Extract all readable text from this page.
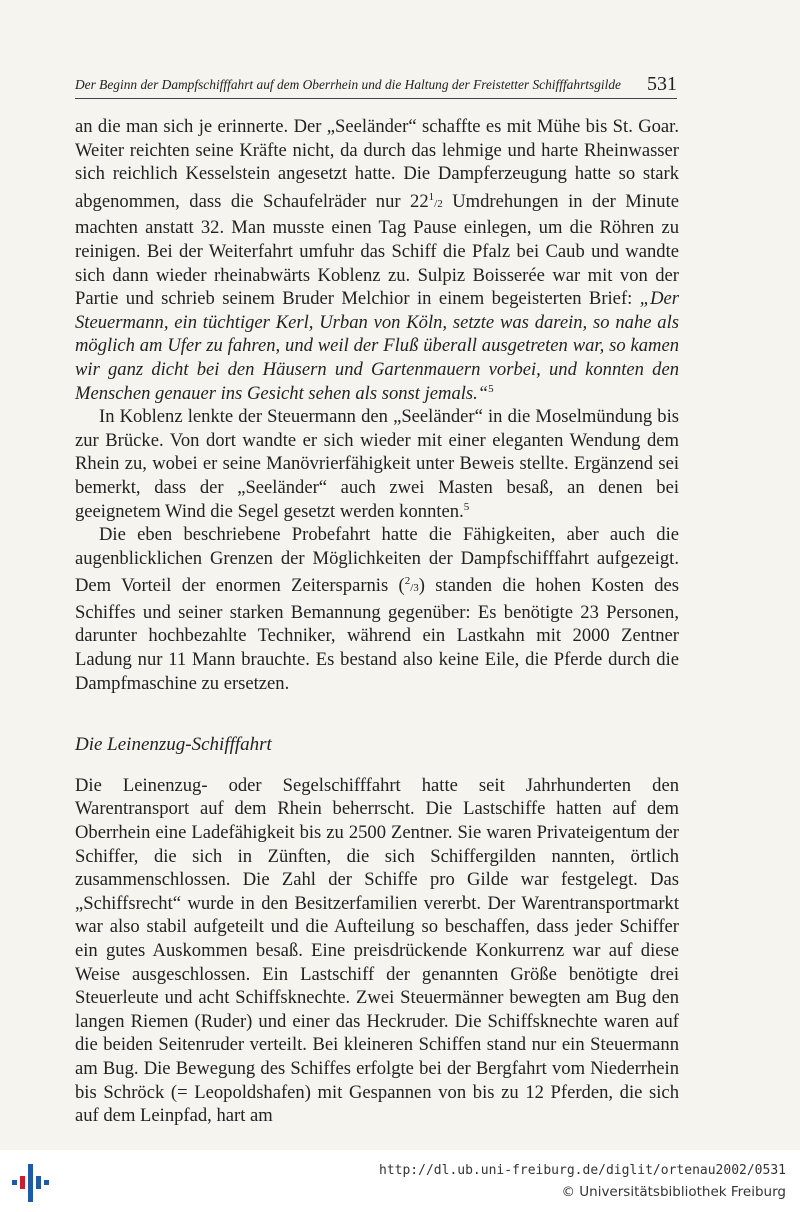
Der Beginn der Dampfschifffahrt auf dem Oberrhein und die Haltung der Freistetter Schifffahrtsgilde 531

an die man sich je erinnerte. Der „Seeländer“ schaffte es mit Mühe bis St. Goar. Weiter reichten seine Kräfte nicht, da durch das lehmige und harte Rheinwasser sich reichlich Kesselstein angesetzt hatte. Die Dampferzeugung hatte so stark abgenommen, dass die Schaufelräder nur 221/2 Umdrehungen in der Minute machten anstatt 32. Man musste einen Tag Pause einlegen, um die Röhren zu reinigen. Bei der Weiterfahrt umfuhr das Schiff die Pfalz bei Caub und wandte sich dann wieder rheinabwärts Koblenz zu. Sulpiz Boisserée war mit von der Partie und schrieb seinem Bruder Melchior in einem begeisterten Brief: „Der Steuermann, ein tüchtiger Kerl, Urban von Köln, setzte was darein, so nahe als möglich am Ufer zu fahren, und weil der Fluß überall ausgetreten war, so kamen wir ganz dicht bei den Häusern und Gartenmauern vorbei, und konnten den Menschen genauer ins Gesicht sehen als sonst jemals.“$^5$

In Koblenz lenkte der Steuermann den „Seeländer“ in die Moselmündung bis zur Brücke. Von dort wandte er sich wieder mit einer eleganten Wendung dem Rhein zu, wobei er seine Manövrierfähigkeit unter Beweis stellte. Ergänzend sei bemerkt, dass der „Seeländer“ auch zwei Masten besaß, an denen bei geeignetem Wind die Segel gesetzt werden konnten.$^5$

Die eben beschriebene Probefahrt hatte die Fähigkeiten, aber auch die augenblicklichen Grenzen der Möglichkeiten der Dampfschifffahrt aufgezeigt. Dem Vorteil der enormen Zeitersparnis (2/3) standen die hohen Kosten des Schiffes und seiner starken Bemannung gegenüber: Es benötigte 23 Personen, darunter hochbezahlte Techniker, während ein Lastkahn mit 2000 Zentner Ladung nur 11 Mann brauchte. Es bestand also keine Eile, die Pferde durch die Dampfmaschine zu ersetzen.

Die Leinenzug-Schifffahrt

Die Leinenzug- oder Segelschifffahrt hatte seit Jahrhunderten den Warentransport auf dem Rhein beherrscht. Die Lastschiffe hatten auf dem Oberrhein eine Ladefähigkeit bis zu 2500 Zentner. Sie waren Privateigentum der Schiffer, die sich in Zünften, die sich Schiffergilden nannten, örtlich zusammenschlossen. Die Zahl der Schiffe pro Gilde war festgelegt. Das „Schiffsrecht“ wurde in den Besitzerfamilien vererbt. Der Warentransportmarkt war also stabil aufgeteilt und die Aufteilung so beschaffen, dass jeder Schiffer ein gutes Auskommen besaß. Eine preisdrückende Konkurrenz war auf diese Weise ausgeschlossen. Ein Lastschiff der genannten Größe benötigte drei Steuerleute und acht Schiffsknechte. Zwei Steuermänner bewegten am Bug den langen Riemen (Ruder) und einer das Heckruder. Die Schiffsknechte waren auf die beiden Seitenruder verteilt. Bei kleineren Schiffen stand nur ein Steuermann am Bug. Die Bewegung des Schiffes erfolgte bei der Bergfahrt vom Niederrhein bis Schröck (= Leopoldshafen) mit Gespannen von bis zu 12 Pferden, die sich auf dem Leinpfad, hart am

http://dl.ub.uni-freiburg.de/diglit/ortenau2002/0531
© Universitätsbibliothek Freiburg
